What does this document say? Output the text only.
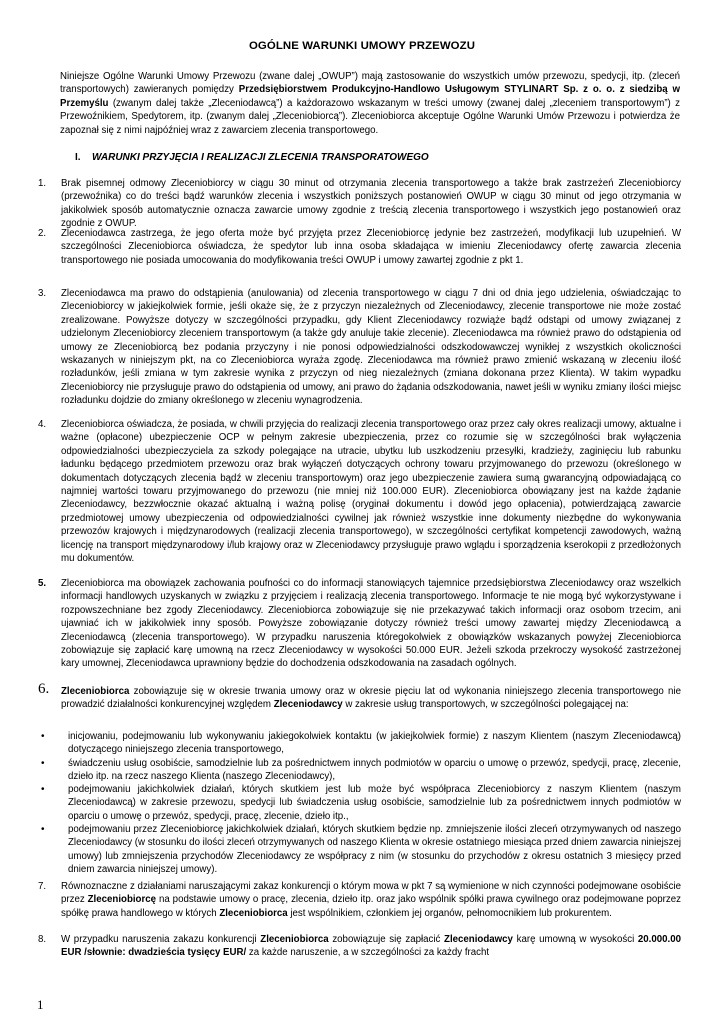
OGÓLNE WARUNKI UMOWY PRZEWOZU
Niniejsze Ogólne Warunki Umowy Przewozu (zwane dalej „OWUP”) mają zastosowanie do wszystkich umów przewozu, spedycji, itp. (zleceń transportowych) zawieranych pomiędzy Przedsiębiorstwem Produkcyjno-Handlowo Usługowym STYLINART Sp. z o. o. z siedzibą w Przemyślu (zwanym dalej także „Zleceniodawcą”) a każdorazowo wskazanym w treści umowy (zwanej dalej „zleceniem transportowym”) z Przewoźnikiem, Spedytorem, itp. (zwanym dalej „Zleceniobiorcą”). Zleceniobiorca akceptuje Ogólne Warunki Umów Przewozu i potwierdza że zapoznał się z nimi najpóźniej wraz z zawarciem zlecenia transportowego.
I. WARUNKI PRZYJĘCIA I REALIZACJI ZLECENIA TRANSPORATOWEGO
1.	Brak pisemnej odmowy Zleceniobiorcy w ciągu 30 minut od otrzymania zlecenia transportowego a także brak zastrzeżeń Zleceniobiorcy (przewoźnika) co do treści bądź warunków zlecenia i wszystkich poniższych postanowień OWUP w ciągu 30 minut od jego otrzymania w jakikolwiek sposób automatycznie oznacza zawarcie umowy zgodnie z treścią zlecenia transportowego i wszystkich jego postanowień oraz zgodnie z OWUP.
2.	Zleceniodawca zastrzega, że jego oferta może być przyjęta przez Zleceniobiorcę jedynie bez zastrzeżeń, modyfikacji lub uzupełnień. W szczególności Zleceniobiorca oświadcza, że spedytor lub inna osoba składająca w imieniu Zleceniodawcy ofertę zawarcia zlecenia transportowego nie posiada umocowania do modyfikowania treści OWUP i umowy zawartej zgodnie z pkt 1.
3.	Zleceniodawca ma prawo do odstąpienia (anulowania) od zlecenia transportowego w ciągu 7 dni od dnia jego udzielenia, oświadczając to Zleceniobiorcy w jakiejkolwiek formie, jeśli okaże się, że z przyczyn niezależnych od Zleceniodawcy, zlecenie transportowe nie może zostać zrealizowane. Powyższe dotyczy w szczególności przypadku, gdy Klient Zleceniodawcy rozwiąże bądź odstąpi od umowy związanej z udzielonym Zleceniobiorcy zleceniem transportowym (a także gdy anuluje takie zlecenie). Zleceniodawca ma również prawo do odstąpienia od umowy ze Zleceniobiorcą bez podania przyczyny i nie ponosi odpowiedzialności odszkodowawczej wynikłej z wszystkich okoliczności wskazanych w niniejszym pkt, na co Zleceniobiorca wyraża zgodę. Zleceniodawca ma również prawo zmienić wskazaną w zleceniu ilość rozładunków, jeśli zmiana w tym zakresie wynika z przyczyn od nieg niezależnych (zmiana dokonana przez Klienta). W takim wypadku Zleceniobiorcy nie przysługuje prawo do odstąpienia od umowy, ani prawo do żądania odszkodowania, nawet jeśli w wyniku zmiany ilości miejsc rozładunku dojdzie do zmiany określonego w zleceniu wynagrodzenia.
4.	Zleceniobiorca oświadcza, że posiada, w chwili przyjęcia do realizacji zlecenia transportowego oraz przez cały okres realizacji umowy, aktualne i ważne (opłacone) ubezpieczenie OCP w pełnym zakresie ubezpieczenia, przez co rozumie się w szczególności brak wyłączenia odpowiedzialności ubezpieczyciela za szkody polegające na utracie, ubytku lub uszkodzeniu przesyłki, kradzieży, zaginięciu lub rabunku ładunku będącego przedmiotem przewozu oraz brak wyłączeń dotyczących ochrony towaru przyjmowanego do przewozu (określonego w dokumentach dotyczących zlecenia bądź w zleceniu transportowym) oraz jego ubezpieczenie zawiera sumą gwarancyjną odpowiadającą co najmniej wartości towaru przyjmowanego do przewozu (nie mniej niż 100.000 EUR). Zleceniobiorca obowiązany jest na każde żądanie Zleceniodawcy, bezzwłocznie okazać aktualną i ważną polisę (oryginał dokumentu i dowód jego opłacenia), potwierdzającą zawarcie przedmiotowej umowy ubezpieczenia od odpowiedzialności cywilnej jak również wszystkie inne dokumenty niezbędne do wykonywania przewozów krajowych i międzynarodowych (realizacji zlecenia transportowego), w szczególności certyfikat kompetencji zawodowych, ważną licencję na transport międzynarodowy i/lub krajowy oraz w Zleceniodawcy przysługuje prawo wglądu i sporządzenia kserokopii z przedłożonych mu dokumentów.
5.	Zleceniobiorca ma obowiązek zachowania poufności co do informacji stanowiących tajemnice przedsiębiorstwa Zleceniodawcy oraz wszelkich informacji handlowych uzyskanych w związku z przyjęciem i realizacją zlecenia transportowego. Informacje te nie mogą być wykorzystywane i rozpowszechniane bez zgody Zleceniodawcy. Zleceniobiorca zobowiązuje się nie przekazywać takich informacji oraz osobom trzecim, ani ujawniać ich w jakikolwiek inny sposób. Powyższe zobowiązanie dotyczy również treści umowy zawartej między Zleceniodawcą a Zleceniodawcą (zlecenia transportowego). W przypadku naruszenia któregokolwiek z obowiązków wskazanych powyżej Zleceniobiorca zobowiązuje się zapłacić karę umowną na rzecz Zleceniodawcy w wysokości 50.000 EUR. Jeżeli szkoda przekroczy wysokość zastrzeżonej kary umownej, Zleceniodawca uprawniony będzie do dochodzenia odszkodowania na zasadach ogólnych.
6.	Zleceniobiorca zobowiązuje się w okresie trwania umowy oraz w okresie pięciu lat od wykonania niniejszego zlecenia transportowego nie prowadzić działalności konkurencyjnej względem Zleceniodawcy w zakresie usług transportowych, w szczególności polegającej na:
• inicjowaniu, podejmowaniu lub wykonywaniu jakiegokolwiek kontaktu (w jakiejkolwiek formie) z naszym Klientem (naszym Zleceniodawcą) dotyczącego niniejszego zlecenia transportowego,
• świadczeniu usług osobiście, samodzielnie lub za pośrednictwem innych podmiotów w oparciu o umowę o przewóz, spedycji, pracę, zlecenie, dzieło itp. na rzecz naszego Klienta (naszego Zleceniodawcy),
• podejmowaniu jakichkolwiek działań, których skutkiem jest lub może być współpraca Zleceniobiorcy z naszym Klientem (naszym Zleceniodawcą) w zakresie przewozu, spedycji lub świadczenia usług osobiście, samodzielnie lub za pośrednictwem innych podmiotów w oparciu o umowę o przewóz, spedycji, pracę, zlecenie, dzieło itp.,
• podejmowaniu przez Zleceniobiorcę jakichkolwiek działań, których skutkiem będzie np. zmniejszenie ilości zleceń otrzymywanych od naszego Zleceniodawcy (w stosunku do ilości zleceń otrzymywanych od naszego Klienta w okresie ostatniego miesiąca przed dniem zawarcia niniejszej umowy) lub zmniejszenia przychodów Zleceniodawcy ze współpracy z nim (w stosunku do przychodów z okresu ostatnich 3 miesięcy przed dniem zawarcia niniejszej umowy).
7.	Równoznaczne z działaniami naruszającymi zakaz konkurencji o którym mowa w pkt 7 są wymienione w nich czynności podejmowane osobiście przez Zleceniobiorcę na podstawie umowy o pracę, zlecenia, dzieło itp. oraz jako wspólnik spółki prawa cywilnego oraz podejmowane poprzez spółkę prawa handlowego w których Zleceniobiorca jest wspólnikiem, członkiem jej organów, pełnomocnikiem lub prokurentem.
8.	W przypadku naruszenia zakazu konkurencji Zleceniobiorca zobowiązuje się zapłacić Zleceniodawcy karę umowną w wysokości 20.000.00 EUR /słownie: dwadzieścia tysięcy EUR/ za każde naruszenie, a w szczególności za każdy fracht
1
